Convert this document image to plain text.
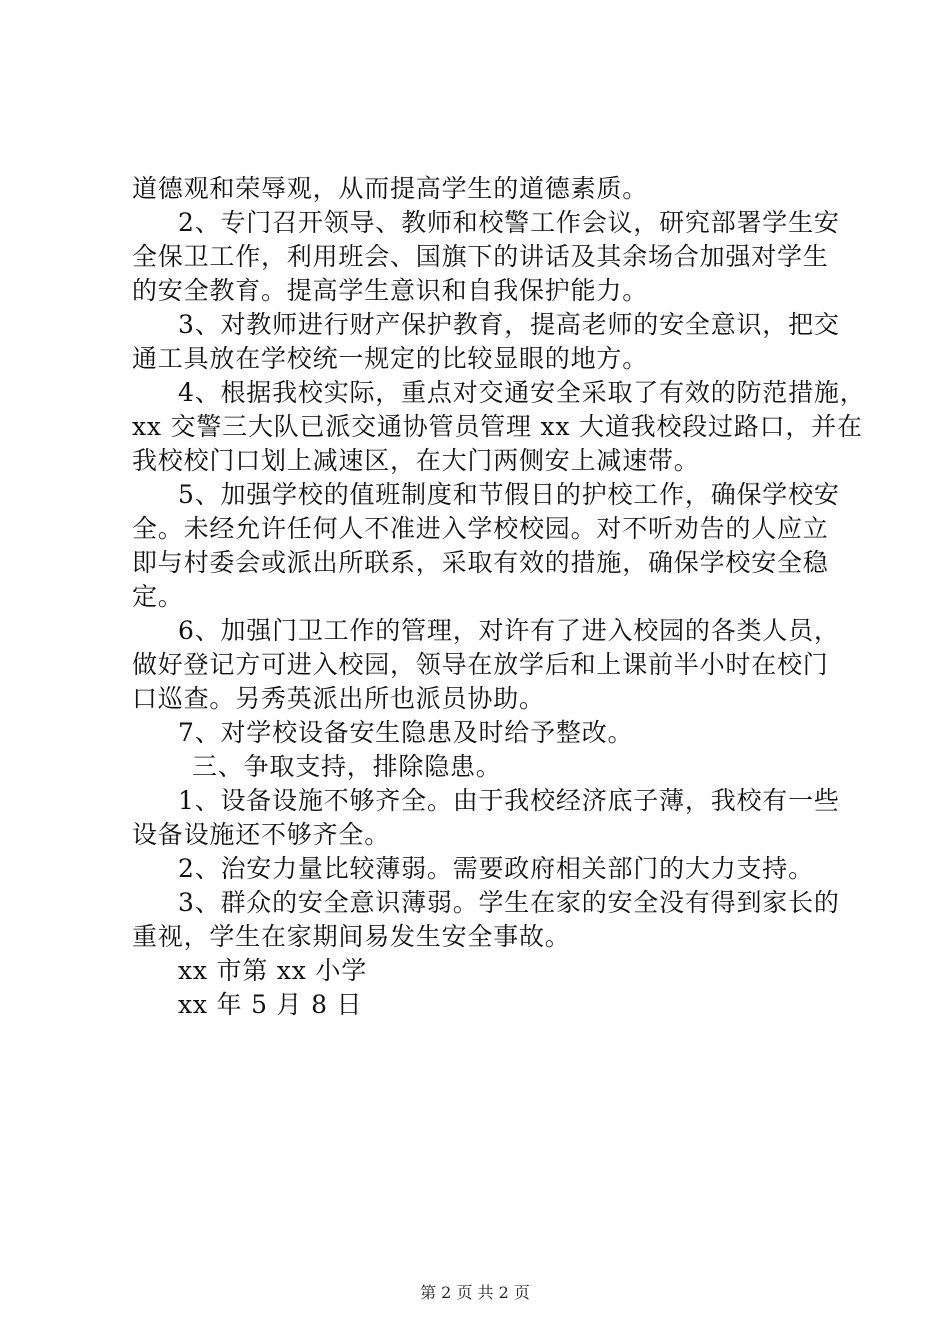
道德观和荣辱观，从而提高学生的道德素质。
2、专门召开领导、教师和校警工作会议，研究部署学生安
全保卫工作，利用班会、国旗下的讲话及其余场合加强对学生
的安全教育。提高学生意识和自我保护能力。
3、对教师进行财产保护教育，提高老师的安全意识，把交
通工具放在学校统一规定的比较显眼的地方。
4、根据我校实际，重点对交通安全采取了有效的防范措施，
xx 交警三大队已派交通协管员管理 xx 大道我校段过路口，并在
我校校门口划上减速区，在大门两侧安上减速带。
5、加强学校的值班制度和节假日的护校工作，确保学校安
全。未经允许任何人不准进入学校校园。对不听劝告的人应立
即与村委会或派出所联系，采取有效的措施，确保学校安全稳
定。
6、加强门卫工作的管理，对许有了进入校园的各类人员，
做好登记方可进入校园，领导在放学后和上课前半小时在校门
口巡查。另秀英派出所也派员协助。
7、对学校设备安生隐患及时给予整改。
三、争取支持，排除隐患。
1、设备设施不够齐全。由于我校经济底子薄，我校有一些
设备设施还不够齐全。
2、治安力量比较薄弱。需要政府相关部门的大力支持。
3、群众的安全意识薄弱。学生在家的安全没有得到家长的
重视，学生在家期间易发生安全事故。
xx 市第 xx 小学
xx 年 5 月 8 日
第 2 页 共 2 页
